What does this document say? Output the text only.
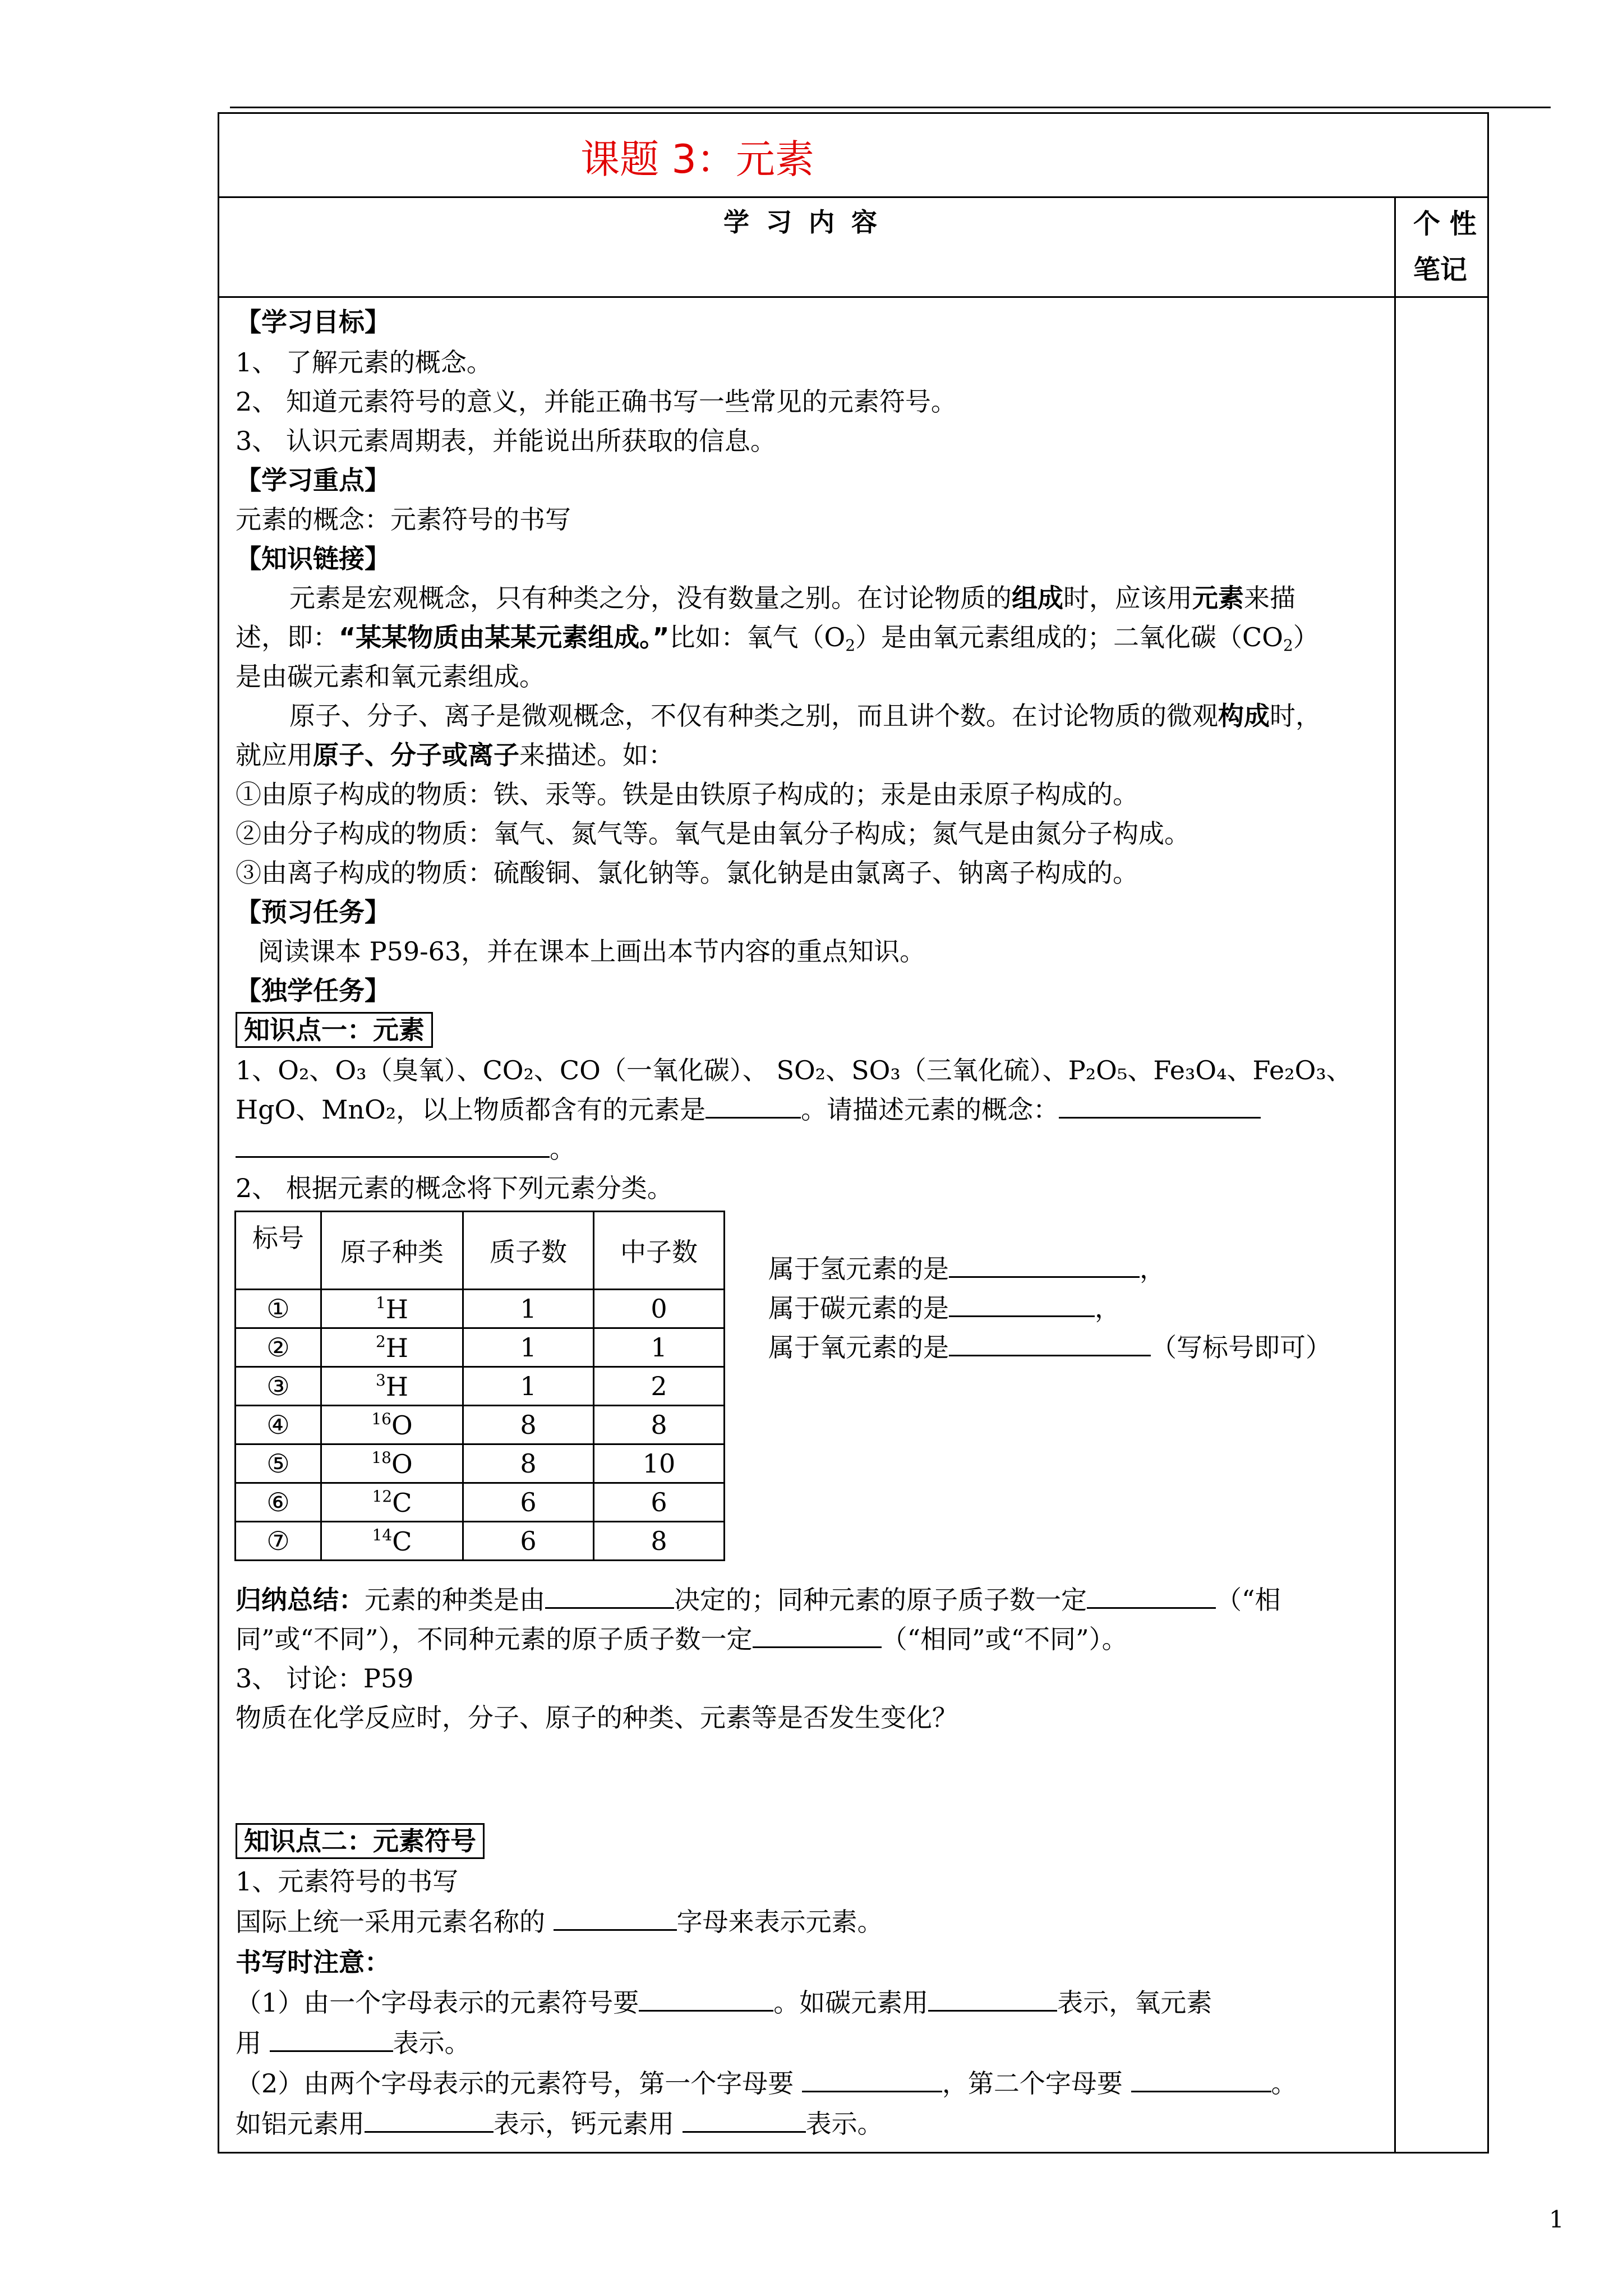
课题 3：元素
学习内容	个 性
笔记
【学习目标】
1、 了解元素的概念。
2、 知道元素符号的意义，并能正确书写一些常见的元素符号。
3、 认识元素周期表，并能说出所获取的信息。
【学习重点】
元素的概念：元素符号的书写
【知识链接】
元素是宏观概念，只有种类之分，没有数量之别。在讨论物质的组成时，应该用元素来描
述，即：“某某物质由某某元素组成。”比如：氧气$(O_2)$是由氧元素组成的；二氧化碳$(CO_2)$
是由碳元素和氧元素组成。
原子、分子、离子是微观概念，不仅有种类之别，而且讲个数。在讨论物质的微观构成时，
就应用原子、分子或离子来描述。如：
①由原子构成的物质：铁、汞等。铁是由铁原子构成的；汞是由汞原子构成的。
②由分子构成的物质：氧气、氮气等。氧气是由氧分子构成；氮气是由氮分子构成。
③由离子构成的物质：硫酸铜、氯化钠等。氯化钠是由氯离子、钠离子构成的。
【预习任务】
阅读课本 P59-63，并在课本上画出本节内容的重点知识。
【独学任务】
知识点一：元素
1、O₂、O₃（臭氧）、CO₂、CO（一氧化碳）、 SO₂、SO₃（三氧化硫）、P₂O₅、Fe₃O₄、Fe₂O₃、
HgO、MnO₂，以上物质都含有的元素是	。请描述元素的概念：
。
2、 根据元素的概念将下列元素分类。
标号	原子种类	质子数	中子数
①	$^1$H	1	0
②	$^2$H	1	1
③	$^3$H	1	2
④	$^{16}$O	8	8
⑤	$^{18}$O	8	10
⑥	$^{12}$C	6	6
⑦	$^{14}$C	6	8
属于氢元素的是	，
属于碳元素的是	，
属于氧元素的是	（写标号即可）
归纳总结：元素的种类是由	决定的；同种元素的原子质子数一定	（“相
同”或“不同”），不同种元素的原子质子数一定	（“相同”或“不同”）。
3、 讨论：P59
物质在化学反应时，分子、原子的种类、元素等是否发生变化？
知识点二：元素符号
1、元素符号的书写
国际上统一采用元素名称的	字母来表示元素。
书写时注意：
（1）由一个字母表示的元素符号要	。如碳元素用	表示，氧元素
用	表示。
（2）由两个字母表示的元素符号，第一个字母要	，第二个字母要	。
如铝元素用	表示，钙元素用	表示。
1
